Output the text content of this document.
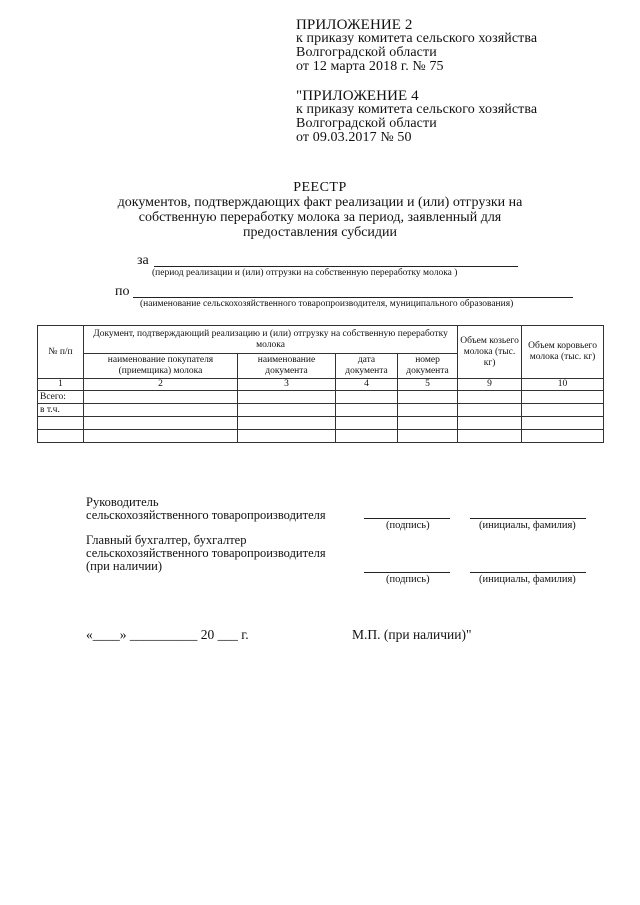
ПРИЛОЖЕНИЕ 2
к приказу комитета сельского хозяйства
Волгоградской области
от 12 марта 2018 г. № 75
"ПРИЛОЖЕНИЕ 4
к приказу комитета сельского хозяйства
Волгоградской области
от 09.03.2017 № 50
РЕЕСТР
документов, подтверждающих факт реализации и (или) отгрузки на
собственную переработку молока за период, заявленный для
предоставления субсидии
за
(период реализации и (или) отгрузки на собственную переработку молока )
по
(наименование сельскохозяйственного товаропроизводителя, муниципального образования)
№ п/п	Документ, подтверждающий реализацию и (или) отгрузку на собственную переработку молока				Объем козьего молока (тыс. кг)	Объем коровьего молока (тыс. кг)
	наименование покупателя (приемщика) молока	наименование документа	дата документа	номер документа		
1	2	3	4	5	9	10
Всего:						
в т.ч.						

Руководитель
сельскохозяйственного товаропроизводителя
(подпись)	(инициалы, фамилия)
Главный бухгалтер, бухгалтер
сельскохозяйственного товаропроизводителя
(при наличии)
(подпись)	(инициалы, фамилия)
«____» __________ 20 ___ г.	М.П. (при наличии)"
